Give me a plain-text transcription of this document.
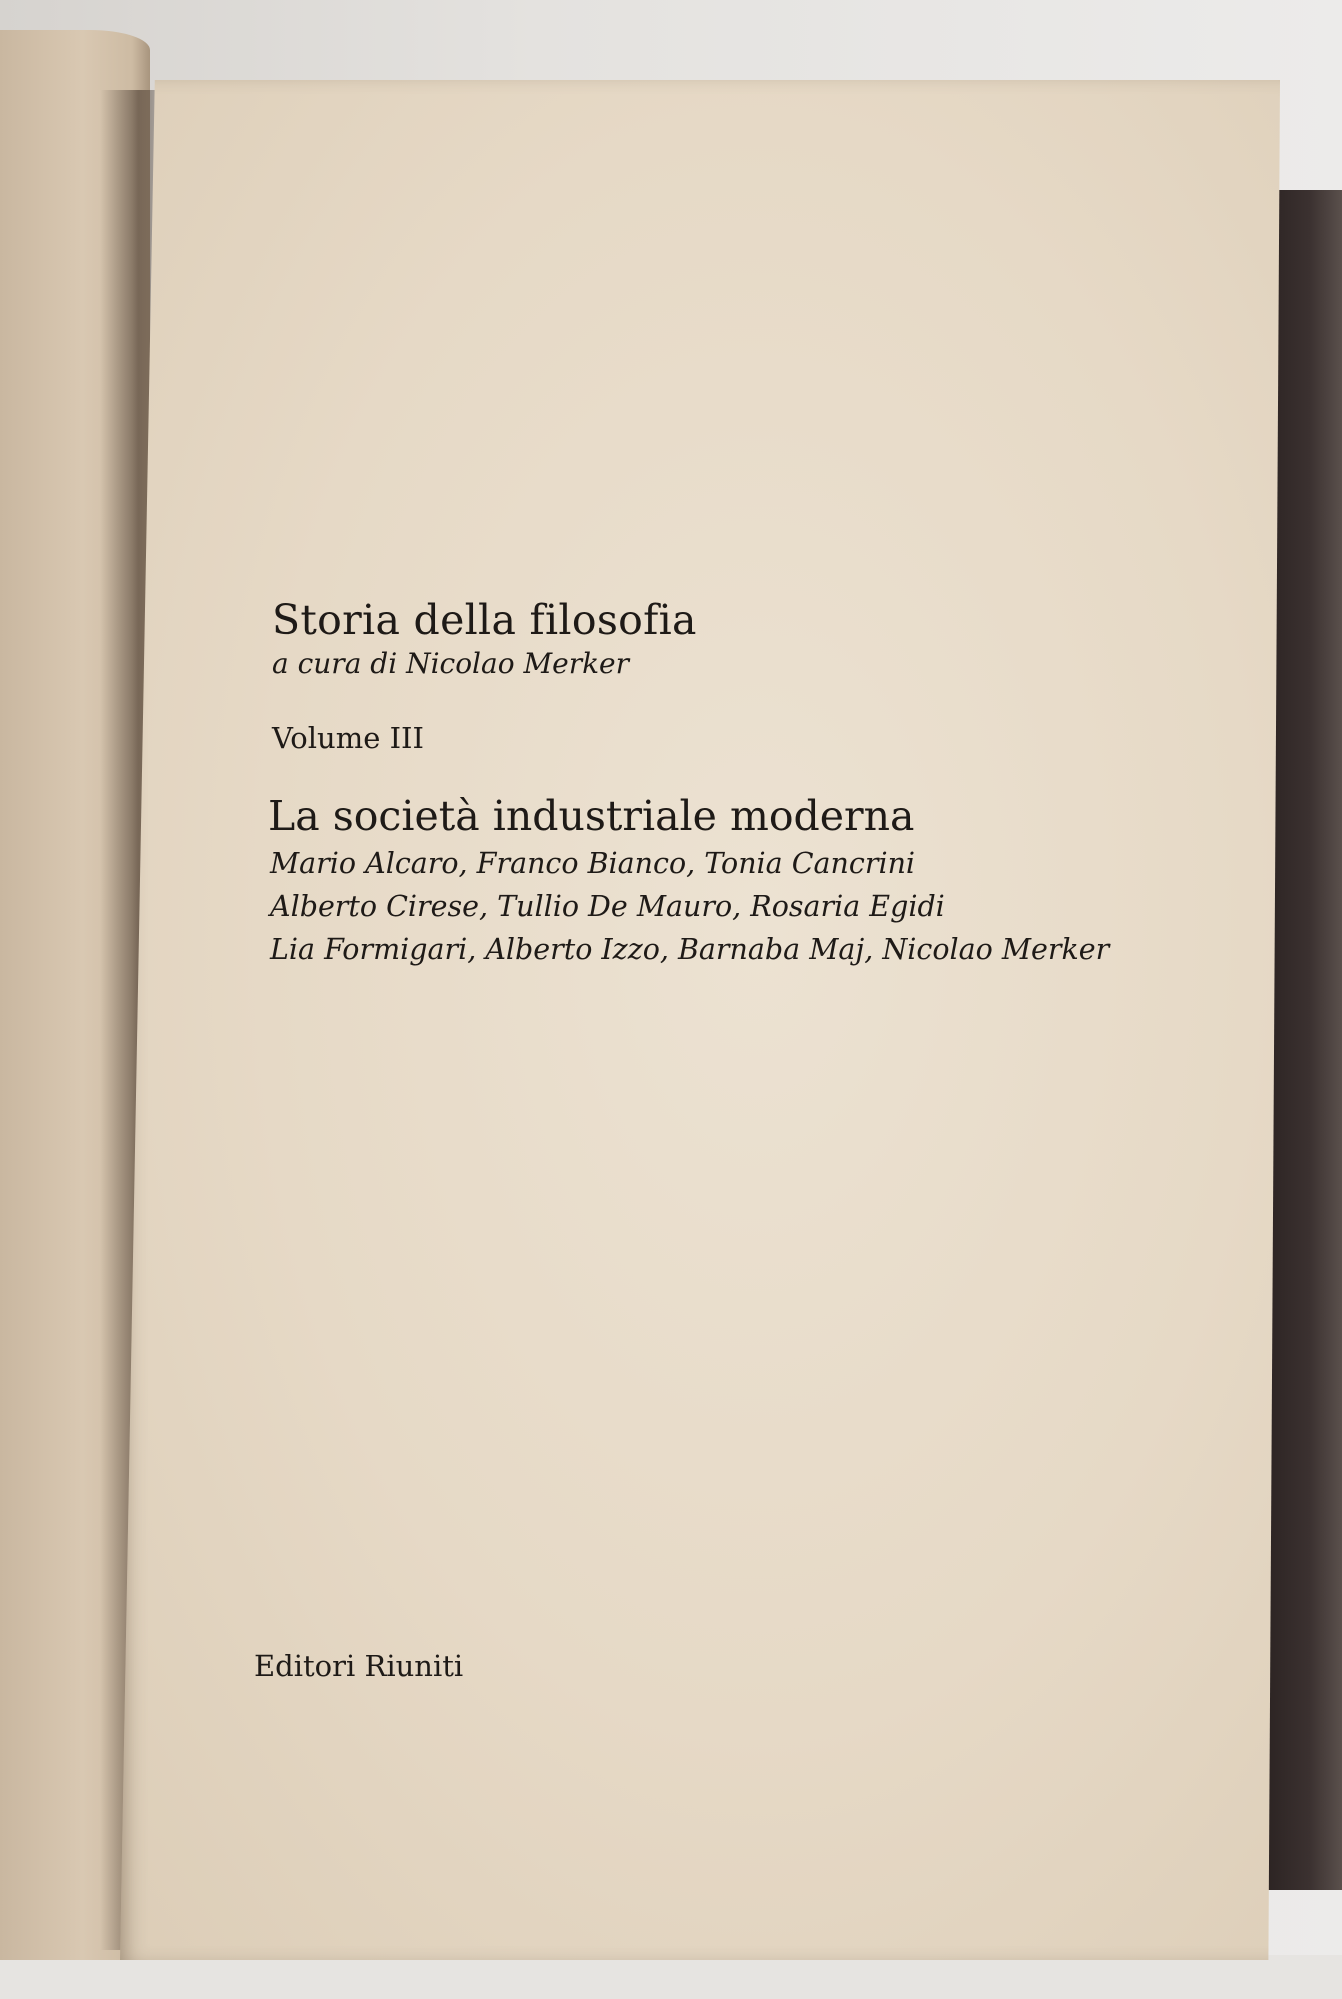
Storia della filosofia

a cura di Nicolao Merker

Volume III

La società industriale moderna

Mario Alcaro, Franco Bianco, Tonia Cancrini

Alberto Cirese, Tullio De Mauro, Rosaria Egidi

Lia Formigari, Alberto Izzo, Barnaba Maj, Nicolao Merker

Editori Riuniti
